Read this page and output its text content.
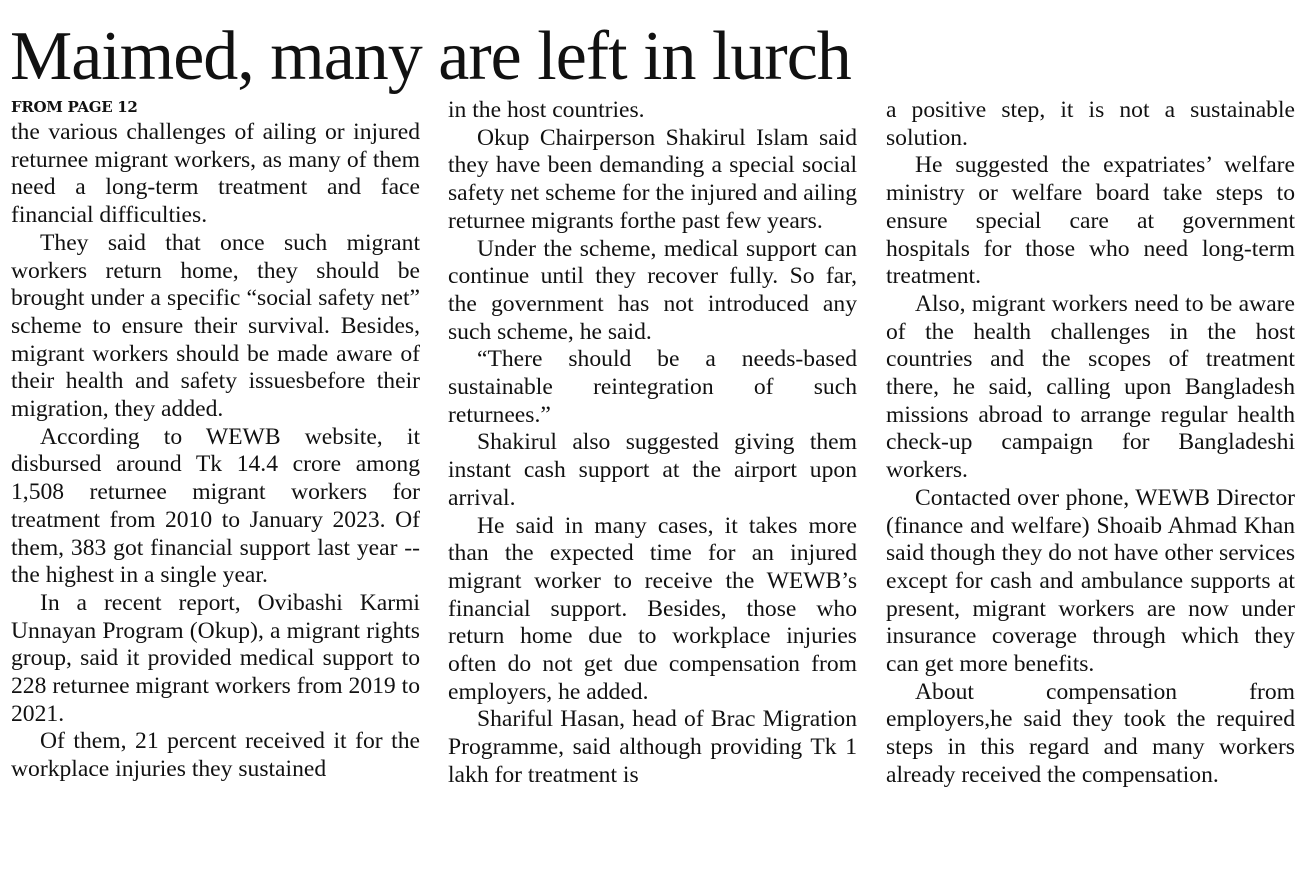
Maimed, many are left in lurch
FROM PAGE 12

the various challenges of ailing or injured returnee migrant workers, as many of them need a long-term treatment and face financial difficulties.

They said that once such migrant workers return home, they should be brought under a specific “social safety net” scheme to ensure their survival. Besides, migrant workers should be made aware of their health and safety issuesbefore their migration, they added.

According to WEWB website, it disbursed around Tk 14.4 crore among 1,508 returnee migrant workers for treatment from 2010 to January 2023. Of them, 383 got financial support last year -- the highest in a single year.

In a recent report, Ovibashi Karmi Unnayan Program (Okup), a migrant rights group, said it provided medical support to 228 returnee migrant workers from 2019 to 2021.

Of them, 21 percent received it for the workplace injuries they sustained

in the host countries.

Okup Chairperson Shakirul Islam said they have been demanding a special social safety net scheme for the injured and ailing returnee migrants forthe past few years.

Under the scheme, medical support can continue until they recover fully. So far, the government has not introduced any such scheme, he said.

“There should be a needs-based sustainable reintegration of such returnees.”

Shakirul also suggested giving them instant cash support at the airport upon arrival.

He said in many cases, it takes more than the expected time for an injured migrant worker to receive the WEWB’s financial support. Besides, those who return home due to workplace injuries often do not get due compensation from employers, he added.

Shariful Hasan, head of Brac Migration Programme, said although providing Tk 1 lakh for treatment is

a positive step, it is not a sustainable solution.

He suggested the expatriates’ welfare ministry or welfare board take steps to ensure special care at government hospitals for those who need long-term treatment.

Also, migrant workers need to be aware of the health challenges in the host countries and the scopes of treatment there, he said, calling upon Bangladesh missions abroad to arrange regular health check-up campaign for Bangladeshi workers.

Contacted over phone, WEWB Director (finance and welfare) Shoaib Ahmad Khan said though they do not have other services except for cash and ambulance supports at present, migrant workers are now under insurance coverage through which they can get more benefits.

About compensation from employers,he said they took the required steps in this regard and many workers already received the compensation.
